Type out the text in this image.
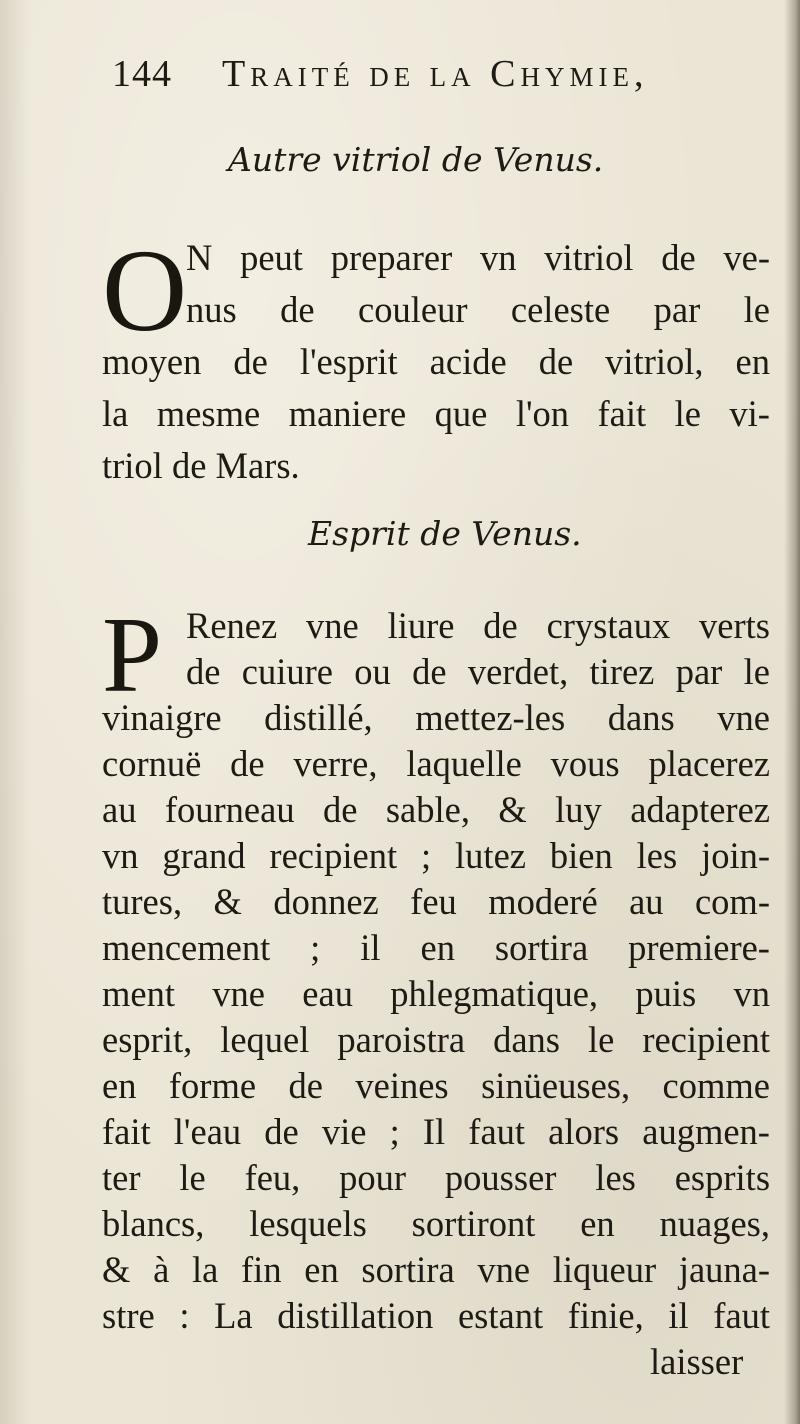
144 Traité de la Chymie,
Autre vitriol de Venus.
O
N peut preparer vn vitriol de ve-
nus de couleur celeste par le
moyen de l'esprit acide de vitriol, en
la mesme maniere que l'on fait le vi-
triol de Mars.
Esprit de Venus.
P Renez vne liure de crystaux verts
de cuiure ou de verdet, tirez par le
vinaigre distillé, mettez-les dans vne
cornuë de verre, laquelle vous placerez
au fourneau de sable, & luy adapterez
vn grand recipient ; lutez bien les join-
tures, & donnez feu moderé au com-
mencement ; il en sortira premiere-
ment vne eau phlegmatique, puis vn
esprit, lequel paroistra dans le recipient
en forme de veines sinüeuses, comme
fait l'eau de vie ; Il faut alors augmen-
ter le feu, pour pousser les esprits
blancs, lesquels sortiront en nuages,
& à la fin en sortira vne liqueur jauna-
stre : La distillation estant finie, il faut
laisser
